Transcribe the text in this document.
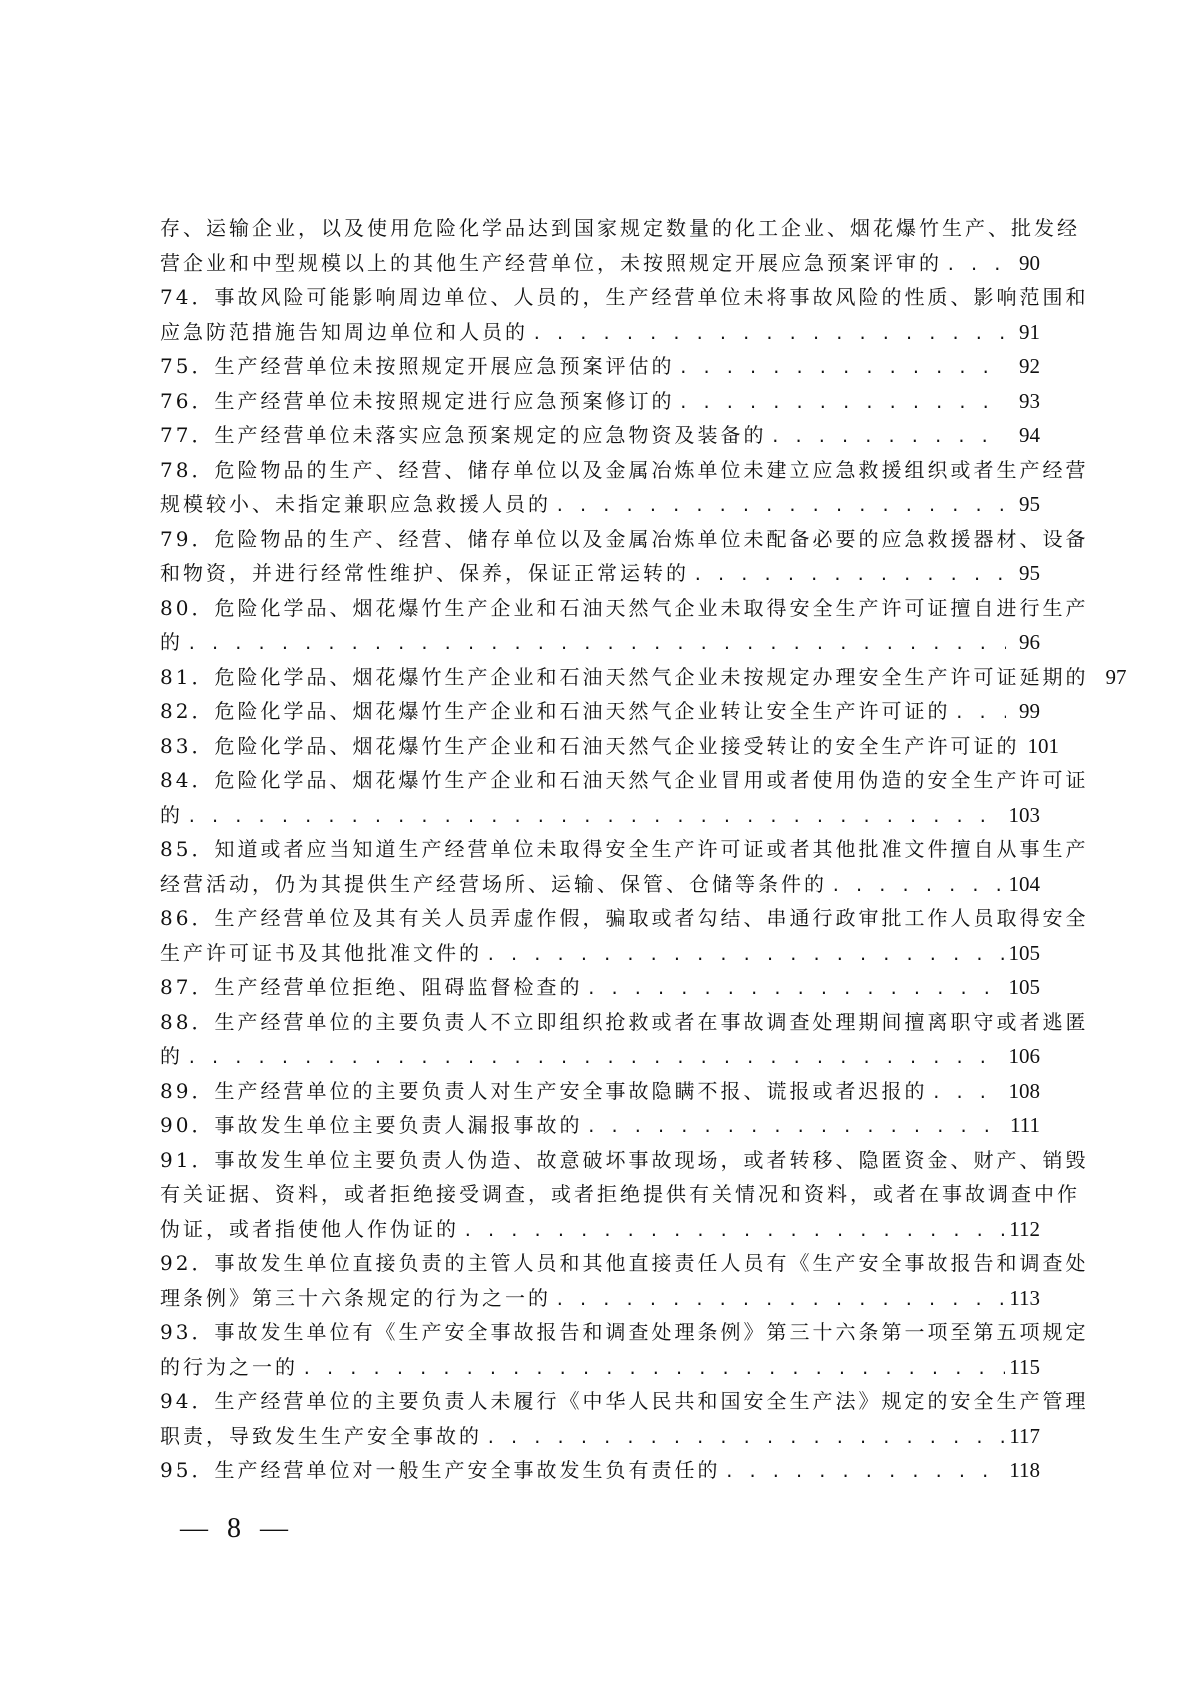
存、运输企业，以及使用危险化学品达到国家规定数量的化工企业、烟花爆竹生产、批发经
营企业和中型规模以上的其他生产经营单位，未按照规定开展应急预案评审的 . . .	90
74．事故风险可能影响周边单位、人员的，生产经营单位未将事故风险的性质、影响范围和
应急防范措施告知周边单位和人员的 . . .	91
75．生产经营单位未按照规定开展应急预案评估的 . . .	92
76．生产经营单位未按照规定进行应急预案修订的 . . .	93
77．生产经营单位未落实应急预案规定的应急物资及装备的 . . .	94
78．危险物品的生产、经营、储存单位以及金属冶炼单位未建立应急救援组织或者生产经营
规模较小、未指定兼职应急救援人员的 . . .	95
79．危险物品的生产、经营、储存单位以及金属冶炼单位未配备必要的应急救援器材、设备
和物资，并进行经常性维护、保养，保证正常运转的 . . .	95
80．危险化学品、烟花爆竹生产企业和石油天然气企业未取得安全生产许可证擅自进行生产
的 . . .	96
81．危险化学品、烟花爆竹生产企业和石油天然气企业未按规定办理安全生产许可证延期的 97
82．危险化学品、烟花爆竹生产企业和石油天然气企业转让安全生产许可证的 . . .	99
83．危险化学品、烟花爆竹生产企业和石油天然气企业接受转让的安全生产许可证的 101
84．危险化学品、烟花爆竹生产企业和石油天然气企业冒用或者使用伪造的安全生产许可证
的 . . .	103
85．知道或者应当知道生产经营单位未取得安全生产许可证或者其他批准文件擅自从事生产
经营活动，仍为其提供生产经营场所、运输、保管、仓储等条件的 . . .	104
86．生产经营单位及其有关人员弄虚作假，骗取或者勾结、串通行政审批工作人员取得安全
生产许可证书及其他批准文件的 . . .	105
87．生产经营单位拒绝、阻碍监督检查的 . . .	105
88．生产经营单位的主要负责人不立即组织抢救或者在事故调查处理期间擅离职守或者逃匿
的 . . .	106
89．生产经营单位的主要负责人对生产安全事故隐瞒不报、谎报或者迟报的 . . .	108
90．事故发生单位主要负责人漏报事故的 . . .	111
91．事故发生单位主要负责人伪造、故意破坏事故现场，或者转移、隐匿资金、财产、销毁
有关证据、资料，或者拒绝接受调查，或者拒绝提供有关情况和资料，或者在事故调查中作
伪证，或者指使他人作伪证的 . . .	112
92．事故发生单位直接负责的主管人员和其他直接责任人员有《生产安全事故报告和调查处
理条例》第三十六条规定的行为之一的 . . .	113
93．事故发生单位有《生产安全事故报告和调查处理条例》第三十六条第一项至第五项规定
的行为之一的 . . .	115
94．生产经营单位的主要负责人未履行《中华人民共和国安全生产法》规定的安全生产管理
职责，导致发生生产安全事故的 . . .	117
95．生产经营单位对一般生产安全事故发生负有责任的 . . .	118
— 8 —
